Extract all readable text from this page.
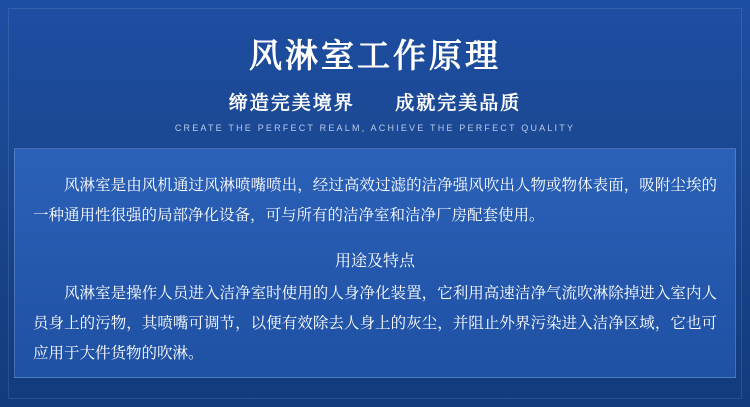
风淋室工作原理
缔造完美境界 成就完美品质
CREATE THE PERFECT REALM, ACHIEVE THE PERFECT QUALITY

风淋室是由风机通过风淋喷嘴喷出，经过高效过滤的洁净强风吹出人物或物体表面，吸附尘埃的一种通用性很强的局部净化设备，可与所有的洁净室和洁净厂房配套使用。

用途及特点

风淋室是操作人员进入洁净室时使用的人身净化装置，它利用高速洁净气流吹淋除掉进入室内人员身上的污物，其喷嘴可调节，以便有效除去人身上的灰尘，并阻止外界污染进入洁净区域，它也可应用于大件货物的吹淋。
